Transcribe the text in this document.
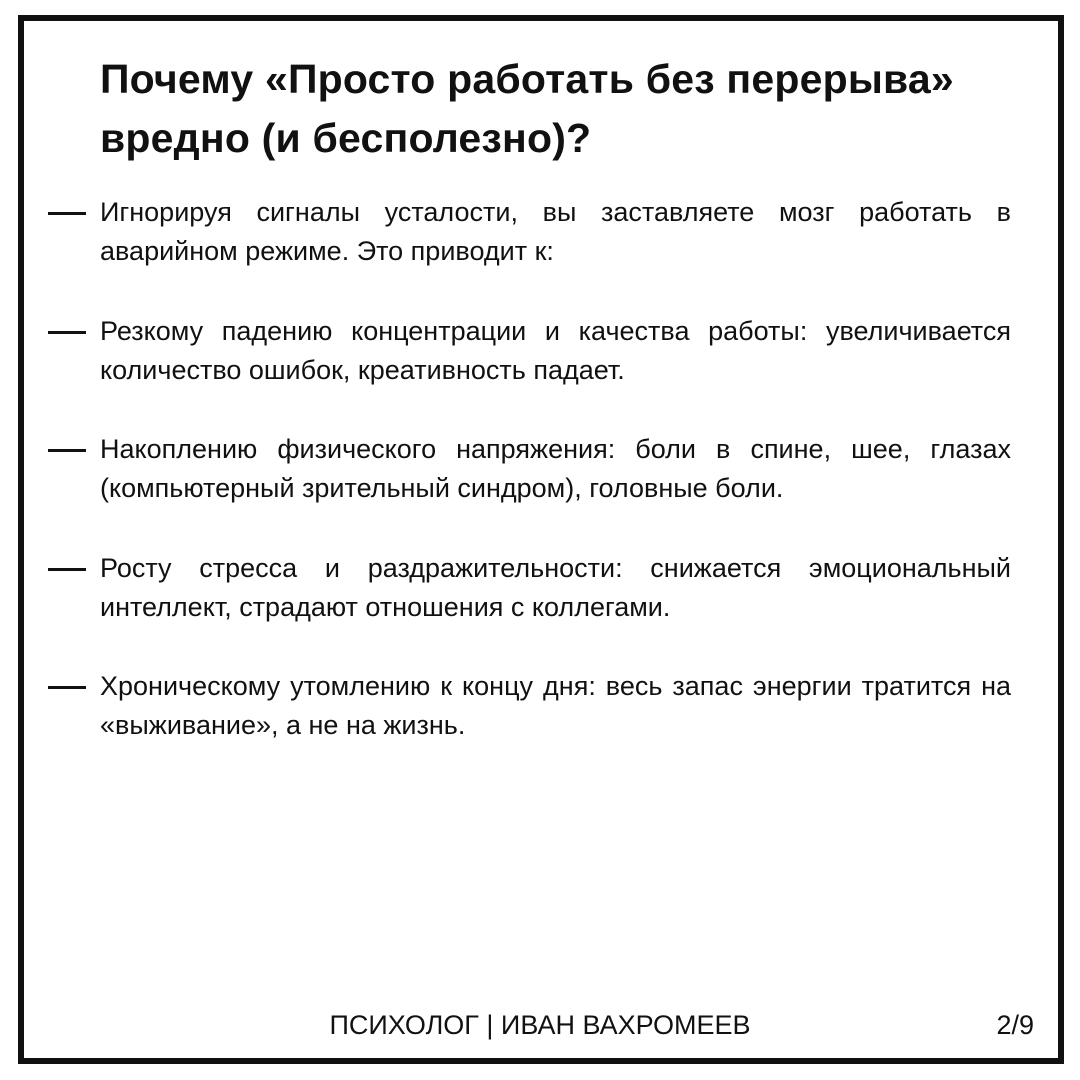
Почему «Просто работать без перерыва» вредно (и бесполезно)?
Игнорируя сигналы усталости, вы заставляете мозг работать в аварийном режиме. Это приводит к:
Резкому падению концентрации и качества работы: увеличивается количество ошибок, креативность падает.
Накоплению физического напряжения: боли в спине, шее, глазах (компьютерный зрительный синдром), головные боли.
Росту стресса и раздражительности: снижается эмоциональный интеллект, страдают отношения с коллегами.
Хроническому утомлению к концу дня: весь запас энергии тратится на «выживание», а не на жизнь.
ПСИХОЛОГ | ИВАН ВАХРОМЕЕВ	2/9
